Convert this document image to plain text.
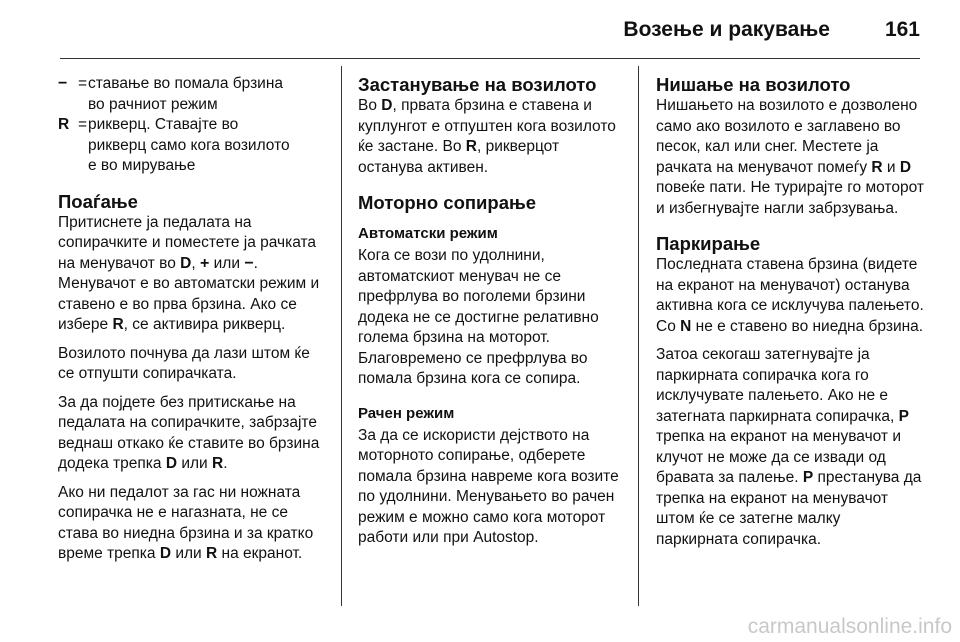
Возење и ракување	161
− = ставање во помала брзина
во рачниот режим
R = рикверц. Ставајте во
рикверц само кога возилото
е во мирување
Поаѓање

Притиснете ја педалата на сопирачките и поместете ја рачката на менувачот во D, + или −. Менувачот е во автоматски режим и ставено е во прва брзина. Ако се избере R, се активира рикверц.

Возилото почнува да лази штом ќе се отпушти сопирачката.

За да појдете без притискање на педалата на сопирачките, забрзајте веднаш откако ќе ставите во брзина додека трепка D или R.

Ако ни педалот за гас ни ножната сопирачка не е нагазната, не се става во ниедна брзина и за кратко време трепка D или R на екранот.

Застанување на возилото

Во D, првата брзина е ставена и куплунгот е отпуштен кога возилото ќе застане. Во R, рикверцот останува активен.

Моторно сопирање
Автоматски режим

Кога се вози по удолнини, автоматскиот менувач не се префрлува во поголеми брзини додека не се достигне релативно голема брзина на моторот. Благовремено се префрлува во помала брзина кога се сопира.

Рачен режим

За да се искористи дејството на моторното сопирање, одберете помала брзина навреме кога возите по удолнини. Менувањето во рачен режим е можно само кога моторот работи или при Autostop.

Нишање на возилото

Нишањето на возилото е дозволено само ако возилото е заглавено во песок, кал или снег. Местете ја рачката на менувачот помеѓу R и D повеќе пати. Не турирајте го моторот и избегнувајте нагли забрзувања.

Паркирање

Последната ставена брзина (видете на екранот на менувачот) останува активна кога се исклучува палењето. Со N не е ставено во ниедна брзина.

Затоа секогаш затегнувајте ја паркирната сопирачка кога го исклучувате палењето. Ако не е затегната паркирната сопирачка, P трепка на екранот на менувачот и клучот не може да се извади од бравата за палење. P престанува да трепка на екранот на менувачот штом ќе се затегне малку паркирната сопирачка.

carmanualsonline.info
